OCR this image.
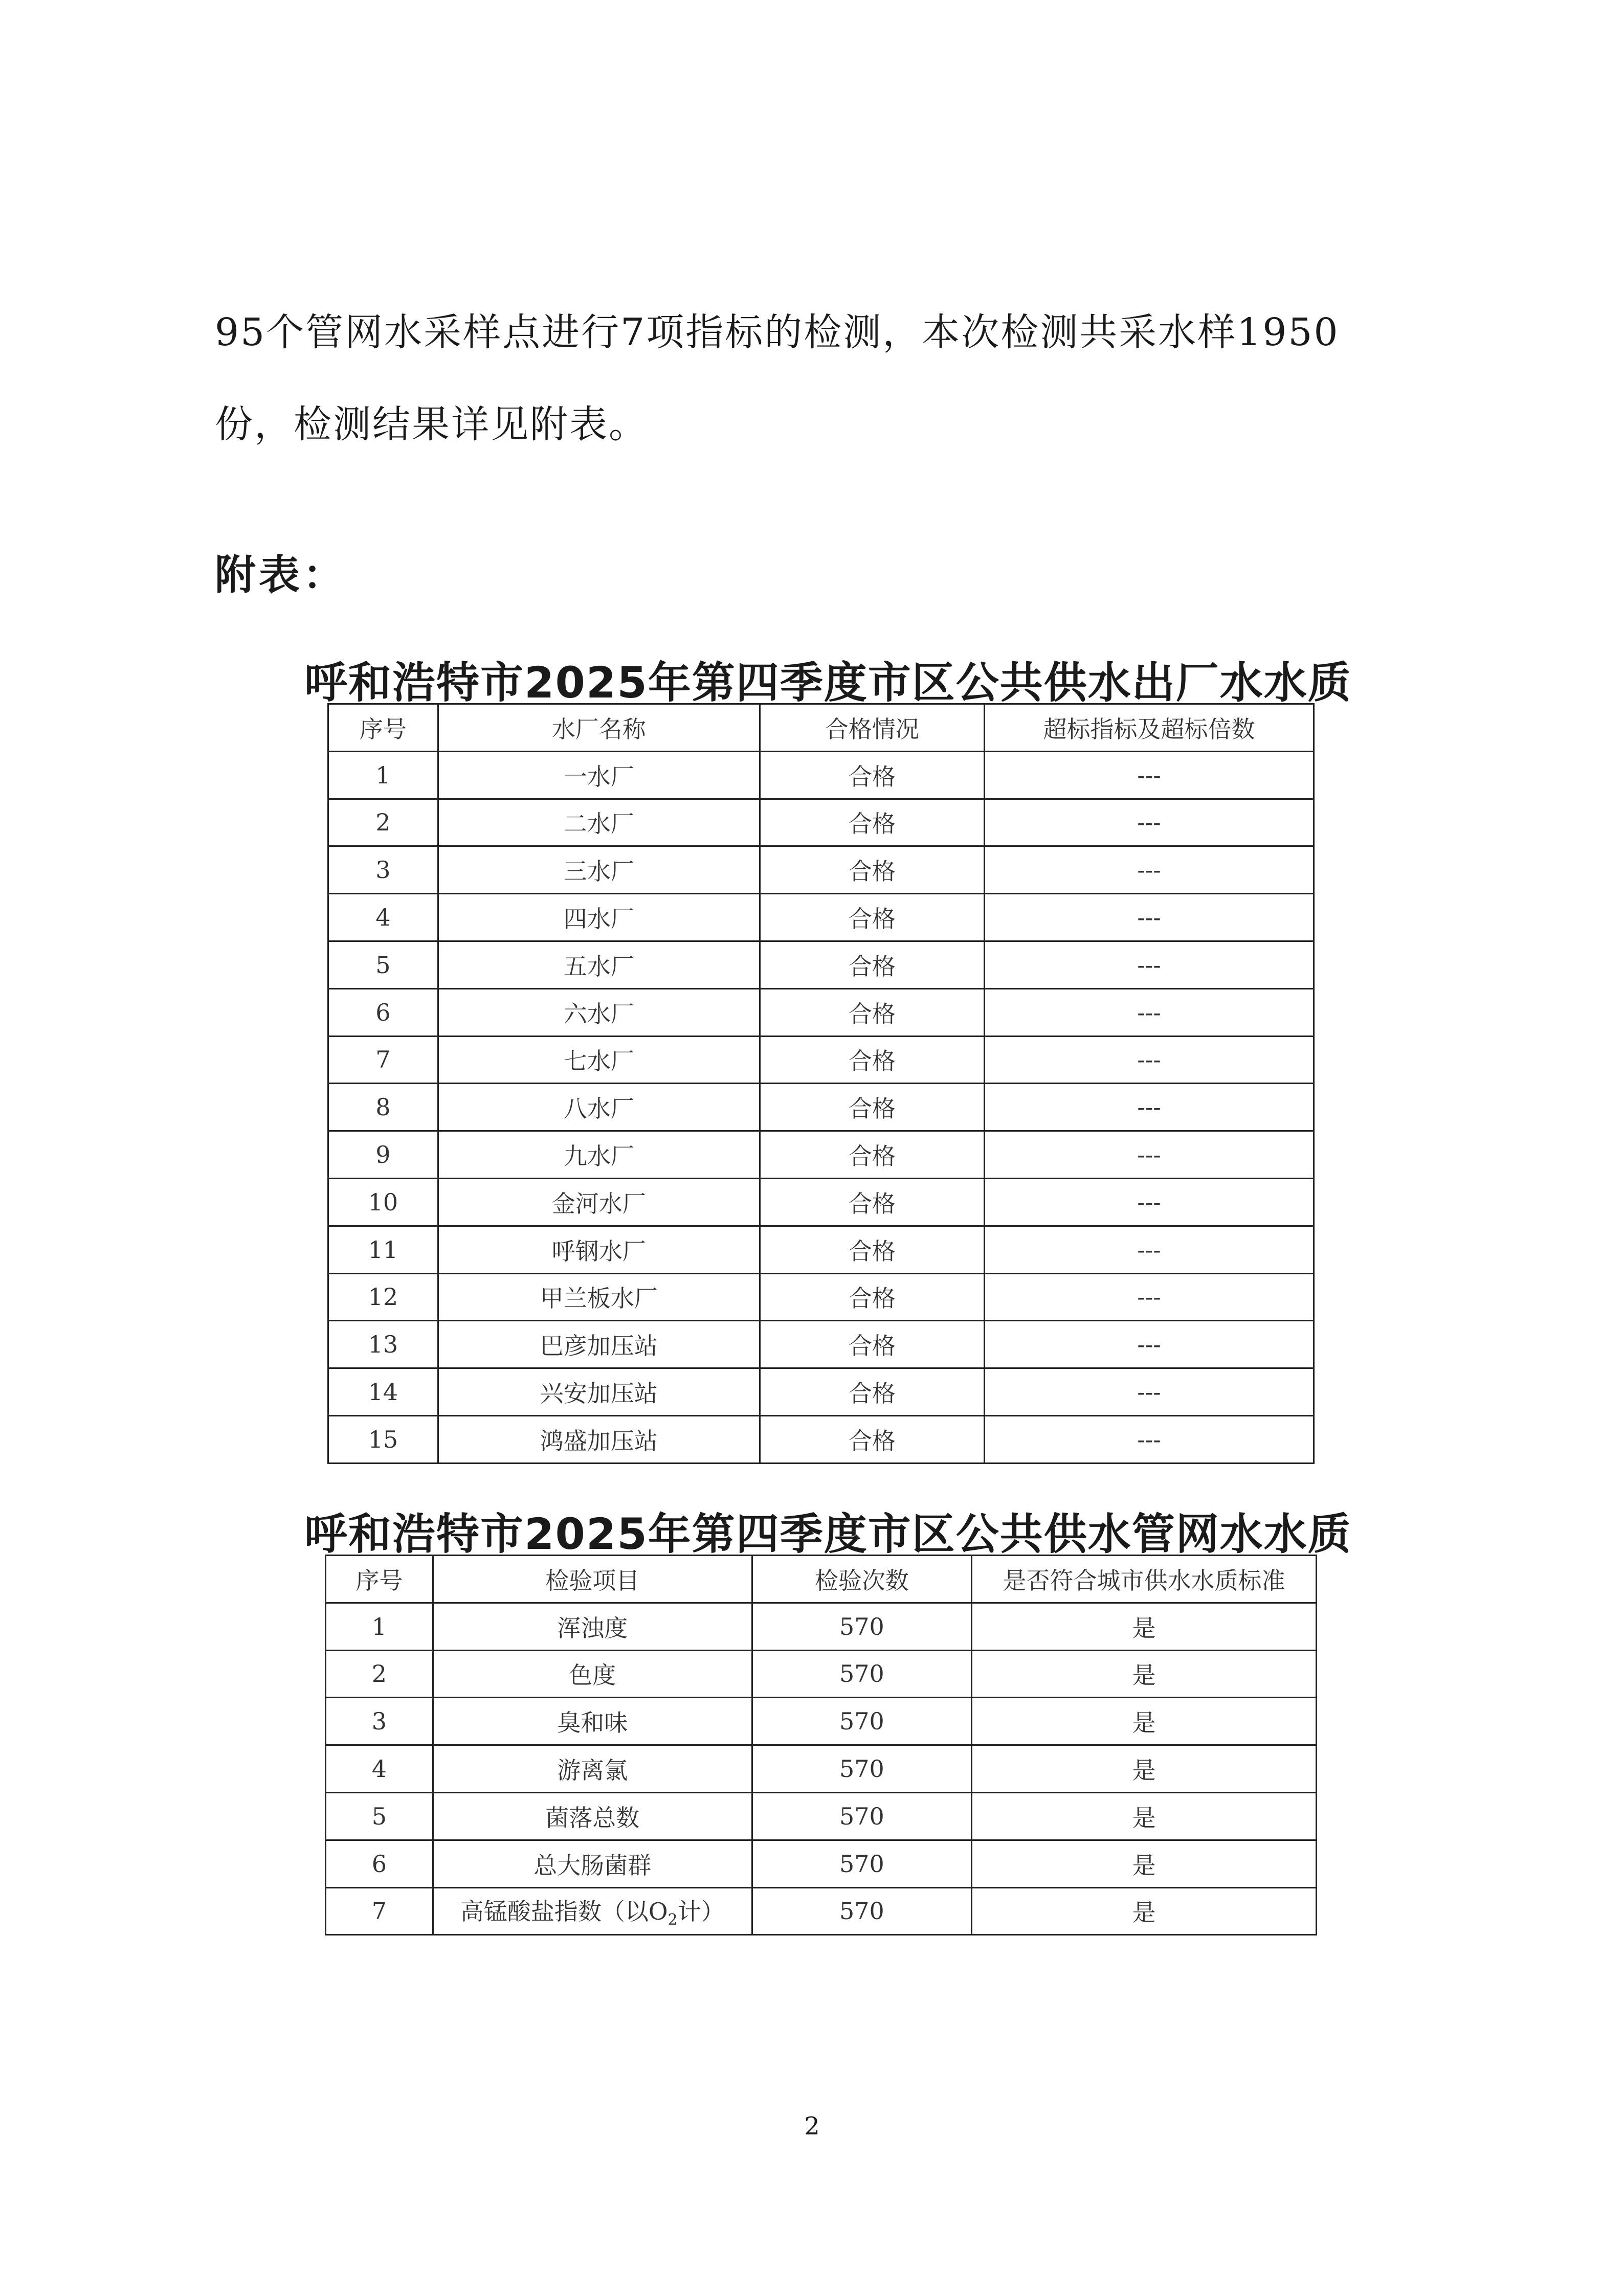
95个管网水采样点进行7项指标的检测，本次检测共采水样1950
份，检测结果详见附表。
附表：
呼和浩特市2025年第四季度市区公共供水出厂水水质
序号	水厂名称	合格情况	超标指标及超标倍数
1	一水厂	合格	---
2	二水厂	合格	---
3	三水厂	合格	---
4	四水厂	合格	---
5	五水厂	合格	---
6	六水厂	合格	---
7	七水厂	合格	---
8	八水厂	合格	---
9	九水厂	合格	---
10	金河水厂	合格	---
11	呼钢水厂	合格	---
12	甲兰板水厂	合格	---
13	巴彦加压站	合格	---
14	兴安加压站	合格	---
15	鸿盛加压站	合格	---
呼和浩特市2025年第四季度市区公共供水管网水水质
序号	检验项目	检验次数	是否符合城市供水水质标准
1	浑浊度	570	是
2	色度	570	是
3	臭和味	570	是
4	游离氯	570	是
5	菌落总数	570	是
6	总大肠菌群	570	是
7	高锰酸盐指数（以$O_2$计）	570	是
2
